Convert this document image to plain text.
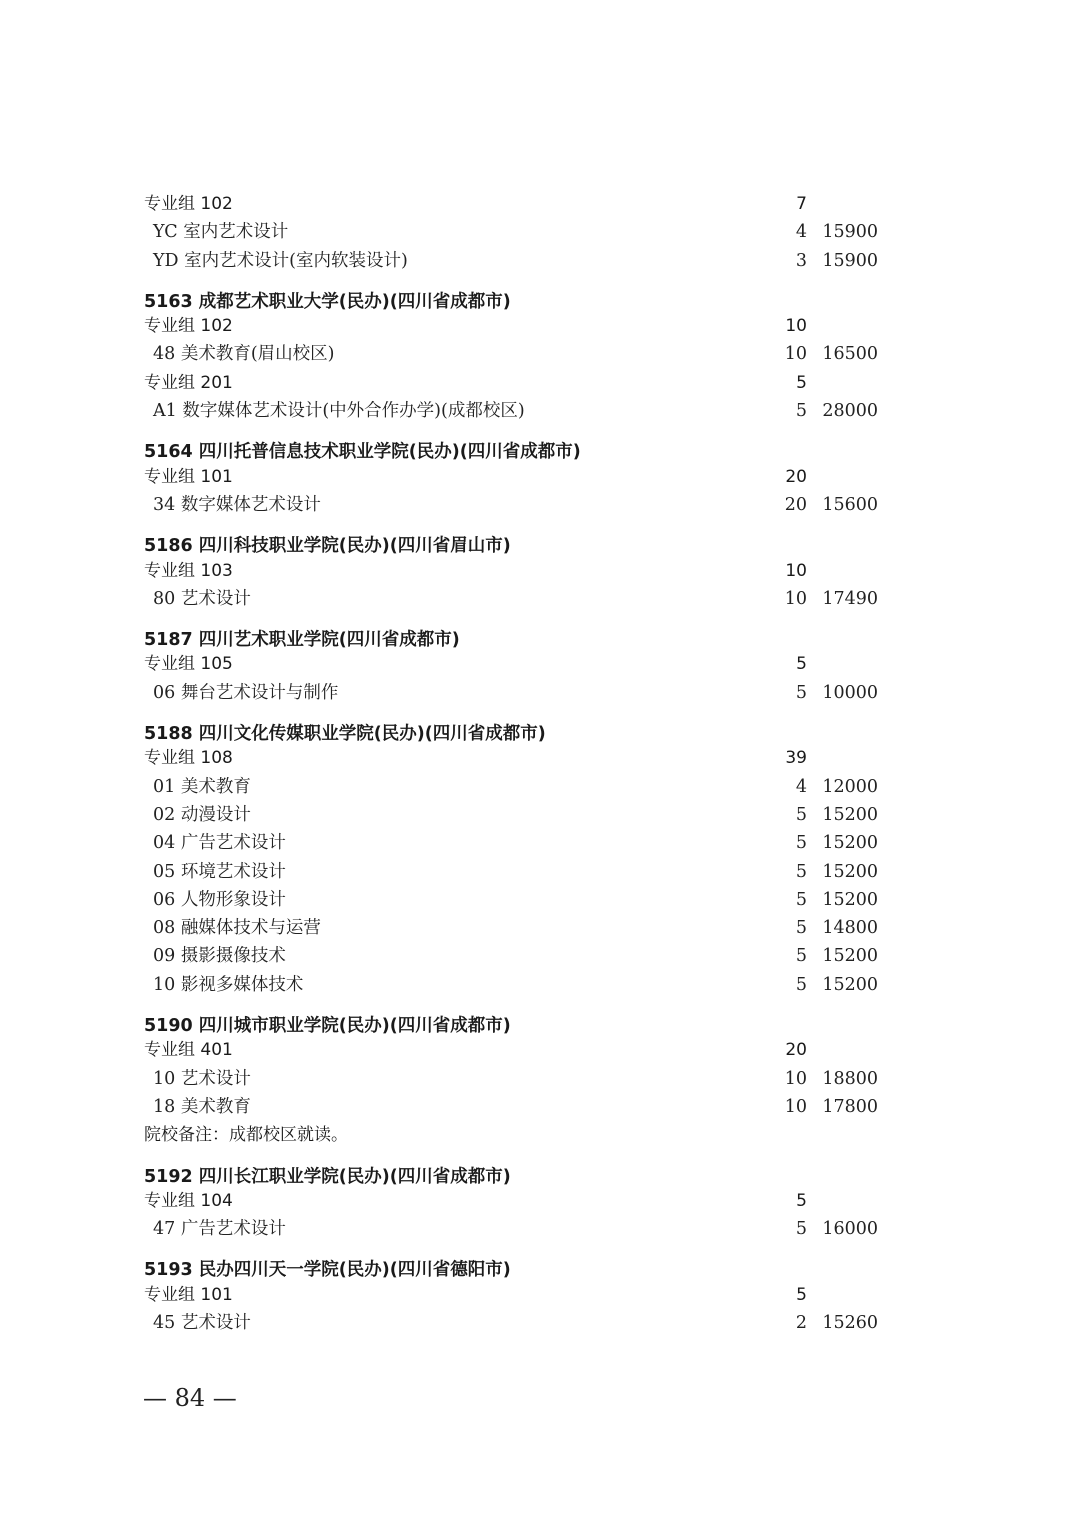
专业组 102	7
YC 室内艺术设计	4 15900
YD 室内艺术设计(室内软装设计)	3 15900
5163 成都艺术职业大学(民办)(四川省成都市)
专业组 102	10
48 美术教育(眉山校区)	10 16500
专业组 201	5
A1 数字媒体艺术设计(中外合作办学)(成都校区)	5 28000
5164 四川托普信息技术职业学院(民办)(四川省成都市)
专业组 101	20
34 数字媒体艺术设计	20 15600
5186 四川科技职业学院(民办)(四川省眉山市)
专业组 103	10
80 艺术设计	10 17490
5187 四川艺术职业学院(四川省成都市)
专业组 105	5
06 舞台艺术设计与制作	5 10000
5188 四川文化传媒职业学院(民办)(四川省成都市)
专业组 108	39
01 美术教育	4 12000
02 动漫设计	5 15200
04 广告艺术设计	5 15200
05 环境艺术设计	5 15200
06 人物形象设计	5 15200
08 融媒体技术与运营	5 14800
09 摄影摄像技术	5 15200
10 影视多媒体技术	5 15200
5190 四川城市职业学院(民办)(四川省成都市)
专业组 401	20
10 艺术设计	10 18800
18 美术教育	10 17800
院校备注：成都校区就读。
5192 四川长江职业学院(民办)(四川省成都市)
专业组 104	5
47 广告艺术设计	5 16000
5193 民办四川天一学院(民办)(四川省德阳市)
专业组 101	5
45 艺术设计	2 15260
— 84 —
